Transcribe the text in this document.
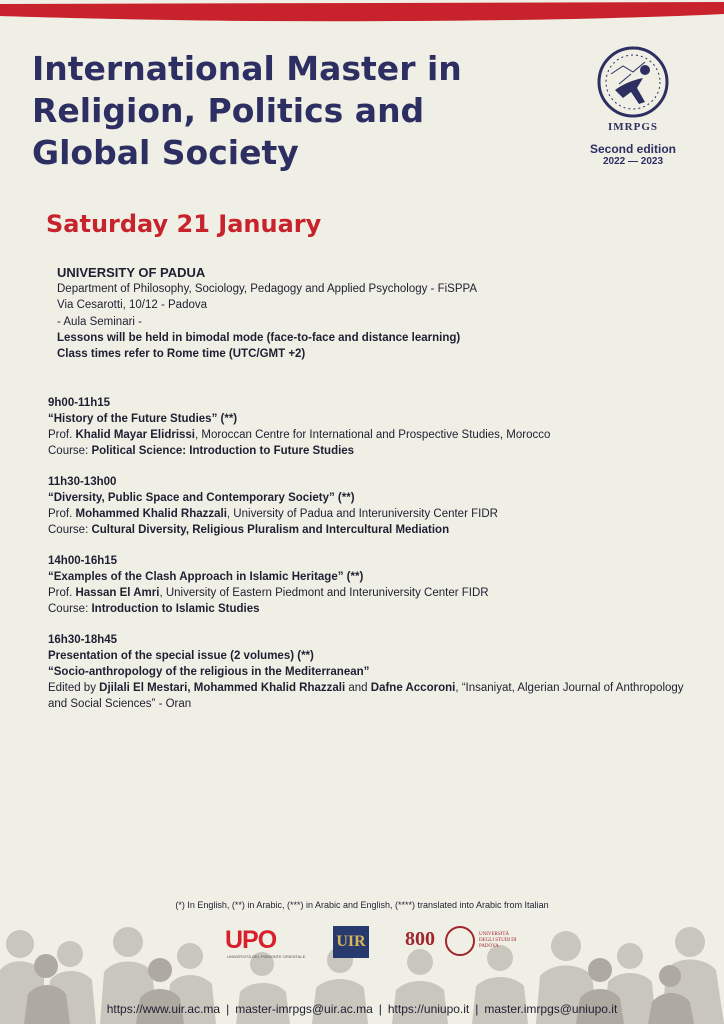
International Master in
Religion, Politics and
Global Society
IMRPGS
Second edition
2022 — 2023
Saturday 21 January
UNIVERSITY OF PADUA
Department of Philosophy, Sociology, Pedagogy and Applied Psychology - FiSPPA
Via Cesarotti, 10/12 - Padova
- Aula Seminari -
Lessons will be held in bimodal mode (face-to-face and distance learning)
Class times refer to Rome time (UTC/GMT +2)
9h00-11h15
“History of the Future Studies” (**)
Prof. Khalid Mayar Elidrissi, Moroccan Centre for International and Prospective Studies, Morocco
Course: Political Science: Introduction to Future Studies
11h30-13h00
“Diversity, Public Space and Contemporary Society” (**)
Prof. Mohammed Khalid Rhazzali, University of Padua and Interuniversity Center FIDR
Course: Cultural Diversity, Religious Pluralism and Intercultural Mediation
14h00-16h15
“Examples of the Clash Approach in Islamic Heritage” (**)
Prof. Hassan El Amri, University of Eastern Piedmont and Interuniversity Center FIDR
Course: Introduction to Islamic Studies
16h30-18h45
Presentation of the special issue (2 volumes) (**)
“Socio-anthropology of the religious in the Mediterranean”
Edited by Djilali El Mestari, Mohammed Khalid Rhazzali and Dafne Accoroni, “Insaniyat, Algerian Journal of Anthropology and Social Sciences” - Oran
(*) In English, (**) in Arabic, (***) in Arabic and English, (****) translated into Arabic from Italian
UPO
UNIVERSITÀ DEL PIEMONTE ORIENTALE
UIR 800	UNIVERSITÀ DEGLI STUDI DI PADOVA
https://www.uir.ac.ma | master-imrpgs@uir.ac.ma | https://uniupo.it | master.imrpgs@uniupo.it
